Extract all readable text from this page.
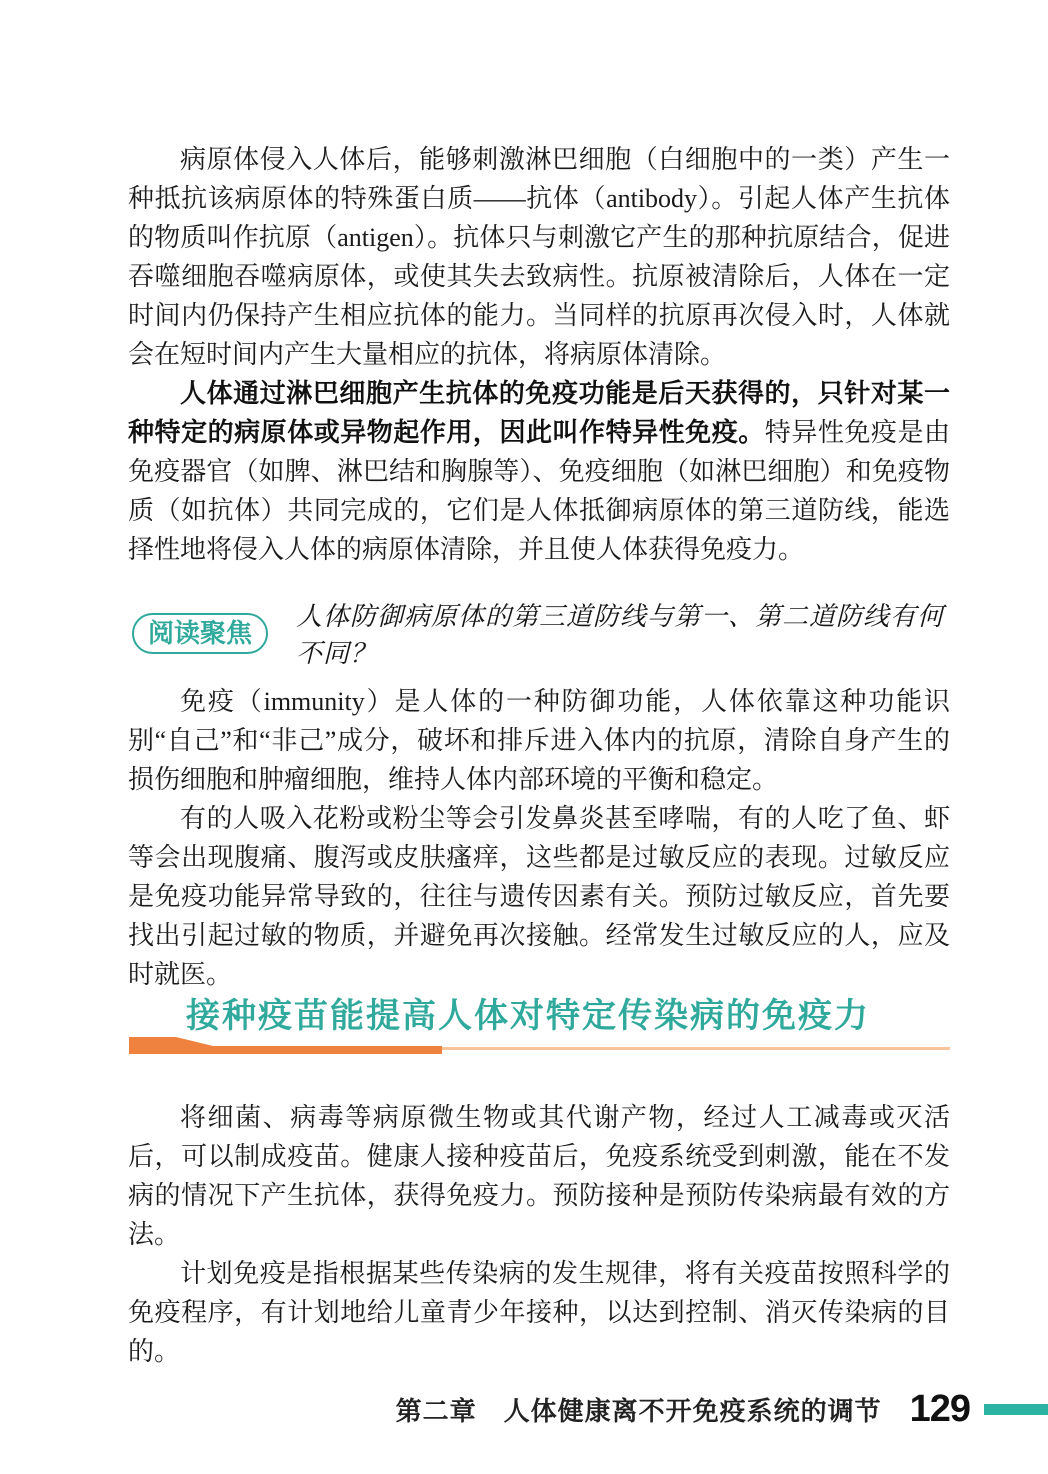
病原体侵入人体后，能够刺激淋巴细胞（白细胞中的一类）产生一种抵抗该病原体的特殊蛋白质——抗体（antibody）。引起人体产生抗体的物质叫作抗原（antigen）。抗体只与刺激它产生的那种抗原结合，促进吞噬细胞吞噬病原体，或使其失去致病性。抗原被清除后，人体在一定时间内仍保持产生相应抗体的能力。当同样的抗原再次侵入时，人体就会在短时间内产生大量相应的抗体，将病原体清除。

人体通过淋巴细胞产生抗体的免疫功能是后天获得的，只针对某一种特定的病原体或异物起作用，因此叫作特异性免疫。特异性免疫是由免疫器官（如脾、淋巴结和胸腺等）、免疫细胞（如淋巴细胞）和免疫物质（如抗体）共同完成的，它们是人体抵御病原体的第三道防线，能选择性地将侵入人体的病原体清除，并且使人体获得免疫力。

阅读聚焦
人体防御病原体的第三道防线与第一、第二道防线有何不同？

免疫（immunity）是人体的一种防御功能，人体依靠这种功能识别“自己”和“非己”成分，破坏和排斥进入体内的抗原，清除自身产生的损伤细胞和肿瘤细胞，维持人体内部环境的平衡和稳定。

有的人吸入花粉或粉尘等会引发鼻炎甚至哮喘，有的人吃了鱼、虾等会出现腹痛、腹泻或皮肤瘙痒，这些都是过敏反应的表现。过敏反应是免疫功能异常导致的，往往与遗传因素有关。预防过敏反应，首先要找出引起过敏的物质，并避免再次接触。经常发生过敏反应的人，应及时就医。

接种疫苗能提高人体对特定传染病的免疫力

将细菌、病毒等病原微生物或其代谢产物，经过人工减毒或灭活后，可以制成疫苗。健康人接种疫苗后，免疫系统受到刺激，能在不发病的情况下产生抗体，获得免疫力。预防接种是预防传染病最有效的方法。

计划免疫是指根据某些传染病的发生规律，将有关疫苗按照科学的免疫程序，有计划地给儿童青少年接种，以达到控制、消灭传染病的目的。

第二章　人体健康离不开免疫系统的调节 129
